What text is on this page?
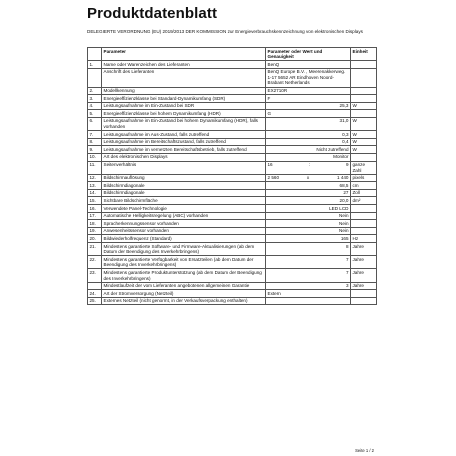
Produktdatenblatt
DELEGIERTE VERORDNUNG (EU) 2019/2013 DER KOMMISSION zur Energieverbrauchskennzeichnung von elektronischen Displays
	Parameter	Parameter oder Wert und Genauigkeit	Einheit
1.	Name oder Warenzeichen des Lieferanten	BenQ	
	Anschrift des Lieferanten	BenQ Europe B.V. , Meerenakkerweg. 1-17 5652 AR Eindhoven Noord-Brabant Netherlands	
2.	Modellkennung	EX2710R	
3.	Energieeffizienzklasse bei Standard-Dynamikumfang (SDR)	F	
4.	Leistungsaufnahme im Ein-Zustand bei SDR	25,3	W
5.	Energieeffizienzklasse bei hohem Dynamikumfang (HDR)	G	
6.	Leistungsaufnahme im Ein-Zustand bei hohem Dynamikumfang (HDR), falls vorhanden	31,0	W
7.	Leistungsaufnahme im Aus-Zustand, falls zutreffend	0,3	W
8.	Leistungsaufnahme im Bereitschaftszustand, falls zutreffend	0,4	W
9.	Leistungsaufnahme im vernetzten Bereitschaftsbetrieb, falls zutreffend	Nicht zutreffend	W
10.	Art des elektronischen Displays	Monitor	
11.	Seitenverhältnis	16 : 9	ganze Zahl
12.	Bildschirmauflösung	2 560 x 1 440	pixels
13.	Bildschirmdiagonale	68,5	cm
14.	Bildschirmdiagonale	27	Zoll
15.	Sichtbare Bildschirmfläche	20,0	dm²
16.	Verwendete Panel-Technologie	LED LCD	
17.	Automatische Helligkeitsregelung (ABC) vorhanden	Nein	
18.	Spracherkennungssensor vorhanden	Nein	
19.	Anwesenheitssensor vorhanden	Nein	
20.	Bildwiederholfrequenz (Standard)	165	Hz
21.	Mindestens garantierte Software- und Firmware-Aktualisierungen (ab dem Datum der Beendigung des Inverkehrbringens)	8	Jahre
22.	Mindestens garantierte Verfügbarkeit von Ersatzteilen (ab dem Datum der Beendigung des Inverkehrbringens)	7	Jahre
23.	Mindestens garantierte Produktunterstützung (ab dem Datum der Beendigung des Inverkehrbringens)	7	Jahre
	Mindestlaufzeit der vom Lieferanten angebotenen allgemeinen Garantie	3	Jahre
24.	Art der Stromversorgung (Netzteil)	Extern	
25.	Externes Netzteil (nicht genormt, in der Verkaufsverpackung enthalten)		
Seite 1 / 2
